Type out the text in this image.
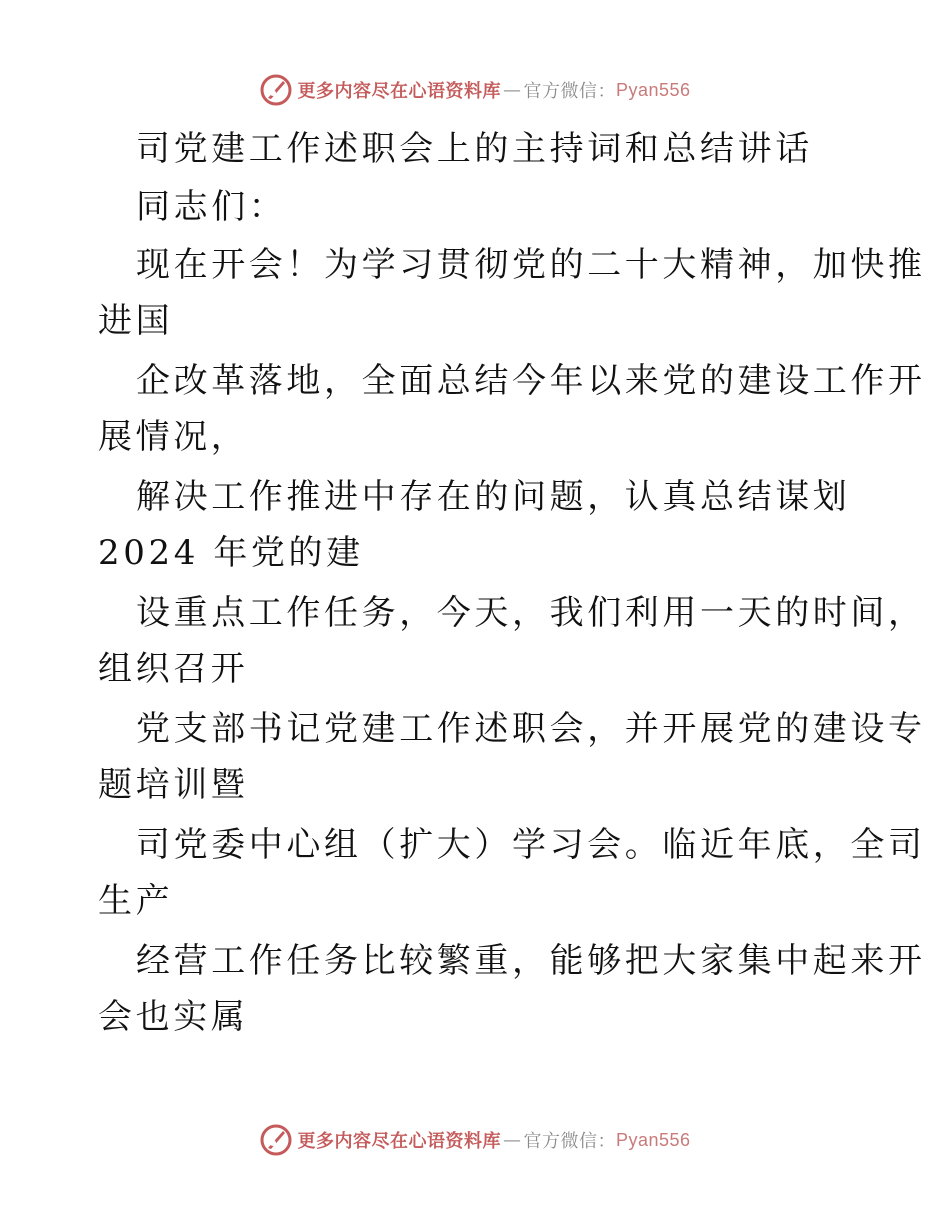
更多内容尽在心语资料库 — 官方微信： Pyan556
司党建工作述职会上的主持词和总结讲话
同志们：
现在开会！为学习贯彻党的二十大精神，加快推
进国
企改革落地，全面总结今年以来党的建设工作开
展情况，
解决工作推进中存在的问题，认真总结谋划
2024 年党的建
设重点工作任务，今天，我们利用一天的时间，
组织召开
党支部书记党建工作述职会，并开展党的建设专
题培训暨
司党委中心组（扩大）学习会。临近年底，全司
生产
经营工作任务比较繁重，能够把大家集中起来开
会也实属
更多内容尽在心语资料库 — 官方微信： Pyan556
